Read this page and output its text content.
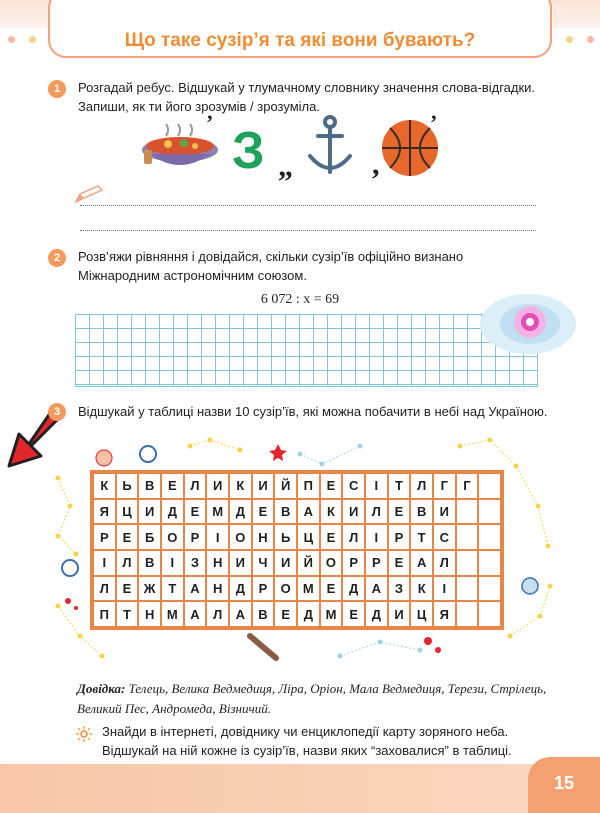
Що таке сузір’я та які вони бувають?
1	Розгадай ребус. Відшукай у тлумачному словнику значення слова-відгадки. Запиши, як ти його зрозумів / зрозуміла.
’ З „	,
’
2	Розв’яжи рівняння і довідайся, скільки сузір’їв офіційно визнано Міжнародним астрономічним союзом.
6 072 : x = 69
3	Відшукай у таблиці назви 10 сузір’їв, які можна побачити в небі над Україною.
К	Ь	В	Е	Л	И	К	И	Й	П	Е	С	І	Т	Л	Г	Г
Я	Ц	И	Д	Е М Д	Е	В	А	К	И	Л	Е	В	И
Р	Е	Б О	Р	І	О Н	Ь	Ц	Е	Л	І	Р	Т	С
І	Л	В	І	З	Н	И	Ч	И	Й О	Р	Р	Е	А	Л
Л	Е Ж Т	А	Н	Д	Р	О М Е	Д	А	З	К	І
П	Т	Н М А	Л	А	В	Е	Д М Е	Д	И	Ц	Я
Довідка: Телець, Велика Ведмедиця, Ліра, Оріон, Мала Ведмедиця, Терези, Стрілець, Великий Пес, Андромеда, Візничий.
Знайди в інтернеті, довіднику чи енциклопедії карту зоряного неба. Відшукай на ній кожне із сузір’їв, назви яких “заховалися” в таблиці.
15
